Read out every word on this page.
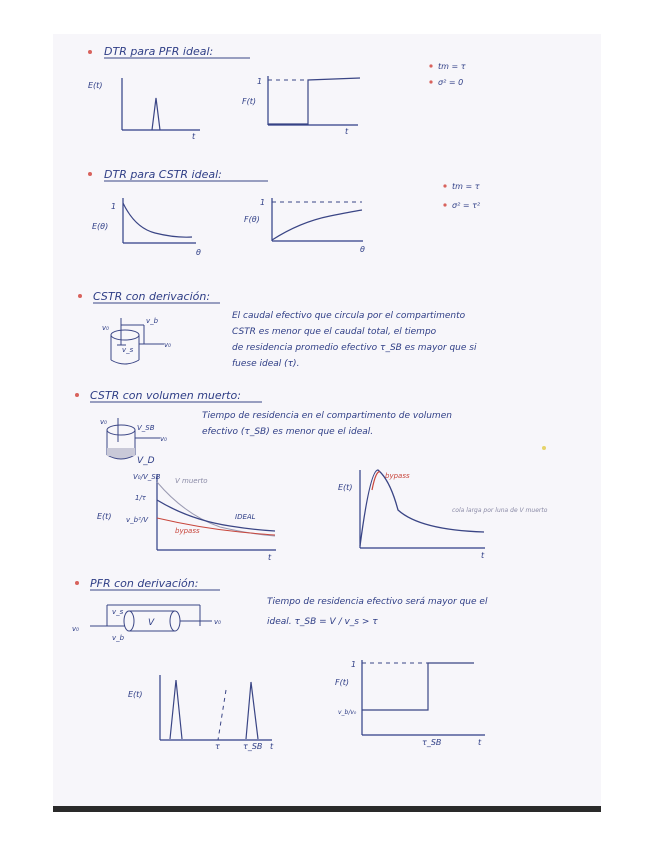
DTR para PFR ideal:
E(t)
t
1
F(t)
t
tm = τ
σ² = 0
DTR para CSTR ideal:
1
E(θ)
θ
1
F(θ)
θ
tm = τ
σ² = τ²
CSTR con derivación:
v₀
v_b
v_s
v₀
El caudal efectivo que circula por el compartimento
CSTR es menor que el caudal total, el tiempo
de residencia promedio efectivo τ_SB es mayor que si
fuese ideal (τ).
CSTR con volumen muerto:
v₀
V_SB
V_D
v₀
Tiempo de residencia en el compartimento de volumen
efectivo (τ_SB) es menor que el ideal.
V₀/V_SB
1/τ
v_b²/V
E(t)
t
V muerto
IDEAL
bypass
E(t)
t
bypass
cola larga por luna de V muerto
PFR con derivación:
v₀
v_s
v_b
V	v₀
Tiempo de residencia efectivo será mayor que el
ideal. τ_SB = V / v_s > τ
E(t)
τ	τ_SB t
1
F(t)
v_b/v₀
τ_SB	t
